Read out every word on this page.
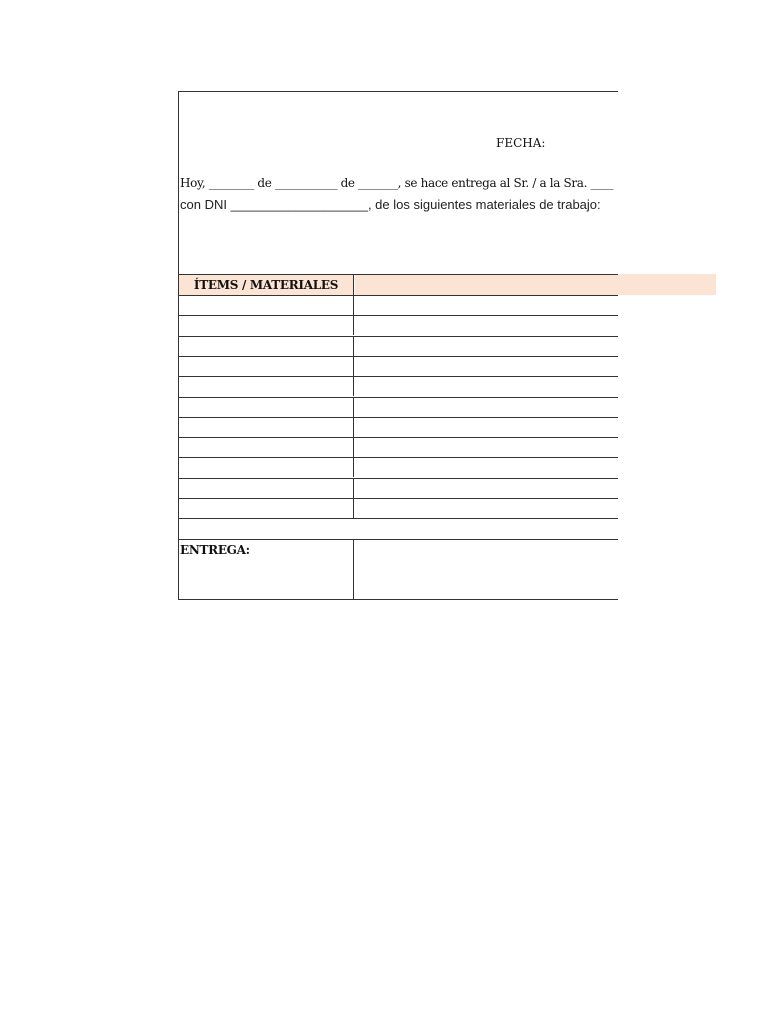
FECHA:
Hoy, ________ de ___________ de _______, se hace entrega al Sr. / a la Sra. ____
con DNI ___________________, de los siguientes materiales de trabajo:
ÍTEMS / MATERIALES
ENTREGA:
